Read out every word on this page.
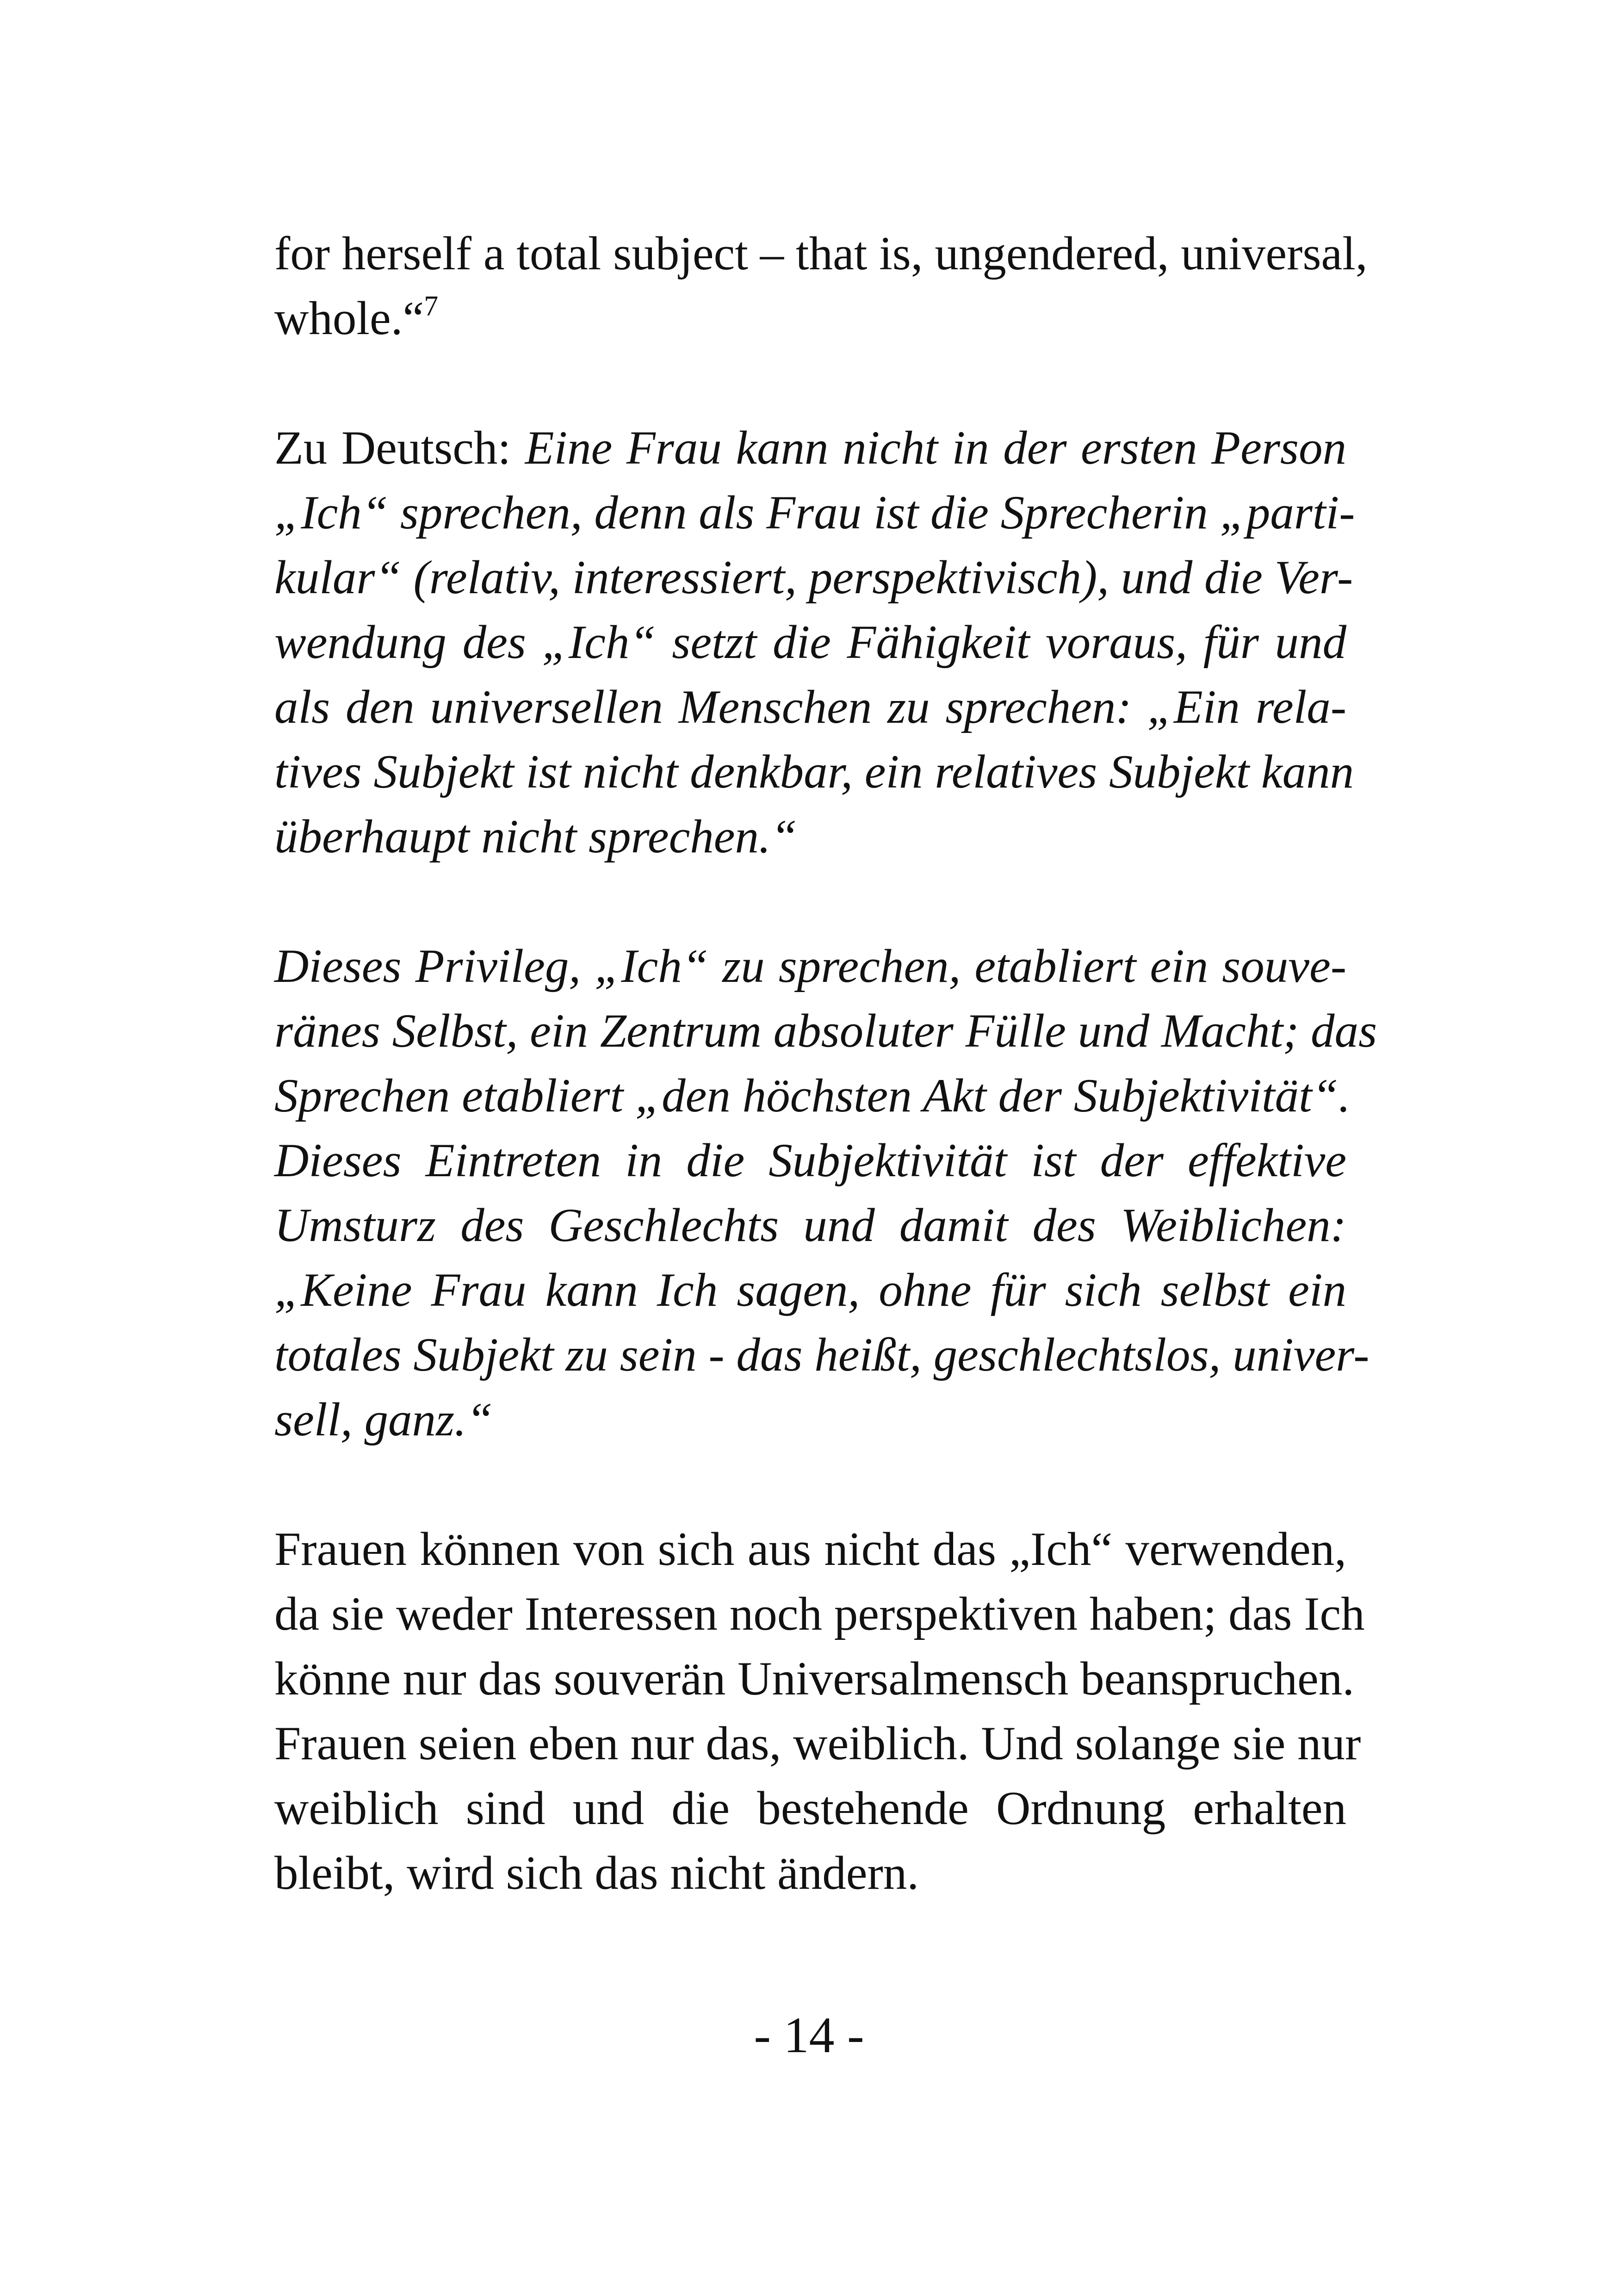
for herself a total subject – that is, ungendered, universal,
whole.“$^7$

Zu Deutsch: Eine Frau kann nicht in der ersten Person
„Ich“ sprechen, denn als Frau ist die Sprecherin „parti-
kular“ (relativ, interessiert, perspektivisch), und die Ver-
wendung des „Ich“ setzt die Fähigkeit voraus, für und
als den universellen Menschen zu sprechen: „Ein rela-
tives Subjekt ist nicht denkbar, ein relatives Subjekt kann
überhaupt nicht sprechen.“

Dieses Privileg, „Ich“ zu sprechen, etabliert ein souve-
ränes Selbst, ein Zentrum absoluter Fülle und Macht; das
Sprechen etabliert „den höchsten Akt der Subjektivität“.
Dieses Eintreten in die Subjektivität ist der effektive
Umsturz des Geschlechts und damit des Weiblichen:
„Keine Frau kann Ich sagen, ohne für sich selbst ein
totales Subjekt zu sein - das heißt, geschlechtslos, univer-
sell, ganz.“

Frauen können von sich aus nicht das „Ich“ verwenden,
da sie weder Interessen noch perspektiven haben; das Ich
könne nur das souverän Universalmensch beanspruchen.
Frauen seien eben nur das, weiblich. Und solange sie nur
weiblich sind und die bestehende Ordnung erhalten
bleibt, wird sich das nicht ändern.

- 14 -
